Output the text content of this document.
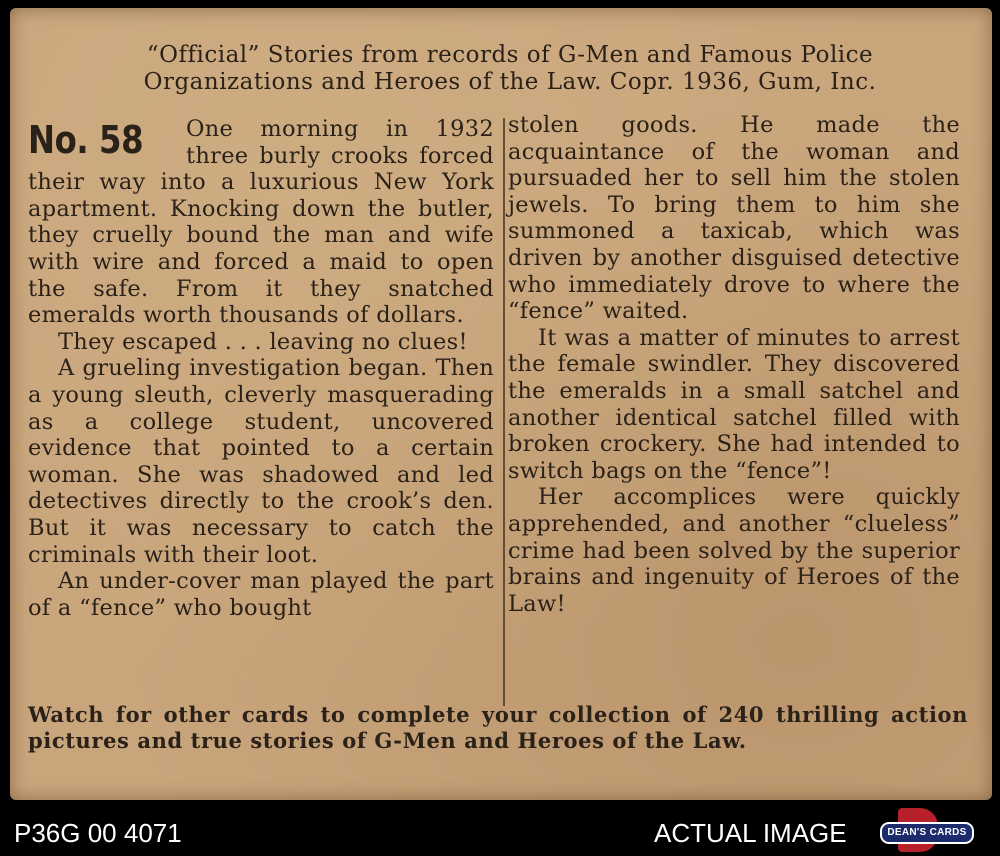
“Official” Stories from records of G-Men and Famous Police
Organizations and Heroes of the Law. Copr. 1936, Gum, Inc.
No. 58	One morning in 1932 three burly crooks forced their way into a luxurious New York apartment. Knocking down the butler, they cruelly bound the man and wife with wire and forced a maid to open the safe. From it they snatched emeralds worth thousands of dollars.

They escaped . . . leaving no clues!

A grueling investigation began. Then a young sleuth, cleverly masquerading as a college student, uncovered evidence that pointed to a certain woman. She was shadowed and led detectives directly to the crook’s den. But it was necessary to catch the criminals with their loot.

An under-cover man played the part of a “fence” who bought

stolen goods. He made the acquaintance of the woman and pursuaded her to sell him the stolen jewels. To bring them to him she summoned a taxicab, which was driven by another disguised detective who immediately drove to where the “fence” waited.

It was a matter of minutes to arrest the female swindler. They discovered the emeralds in a small satchel and another identical satchel filled with broken crockery. She had intended to switch bags on the “fence”!

Her accomplices were quickly apprehended, and another “clueless” crime had been solved by the superior brains and ingenuity of Heroes of the Law!

Watch for other cards to complete your collection of 240 thrilling action pictures and true stories of G-Men and Heroes of the Law.
P36G 00 4071	ACTUAL IMAGE	DEAN'S CARDS
